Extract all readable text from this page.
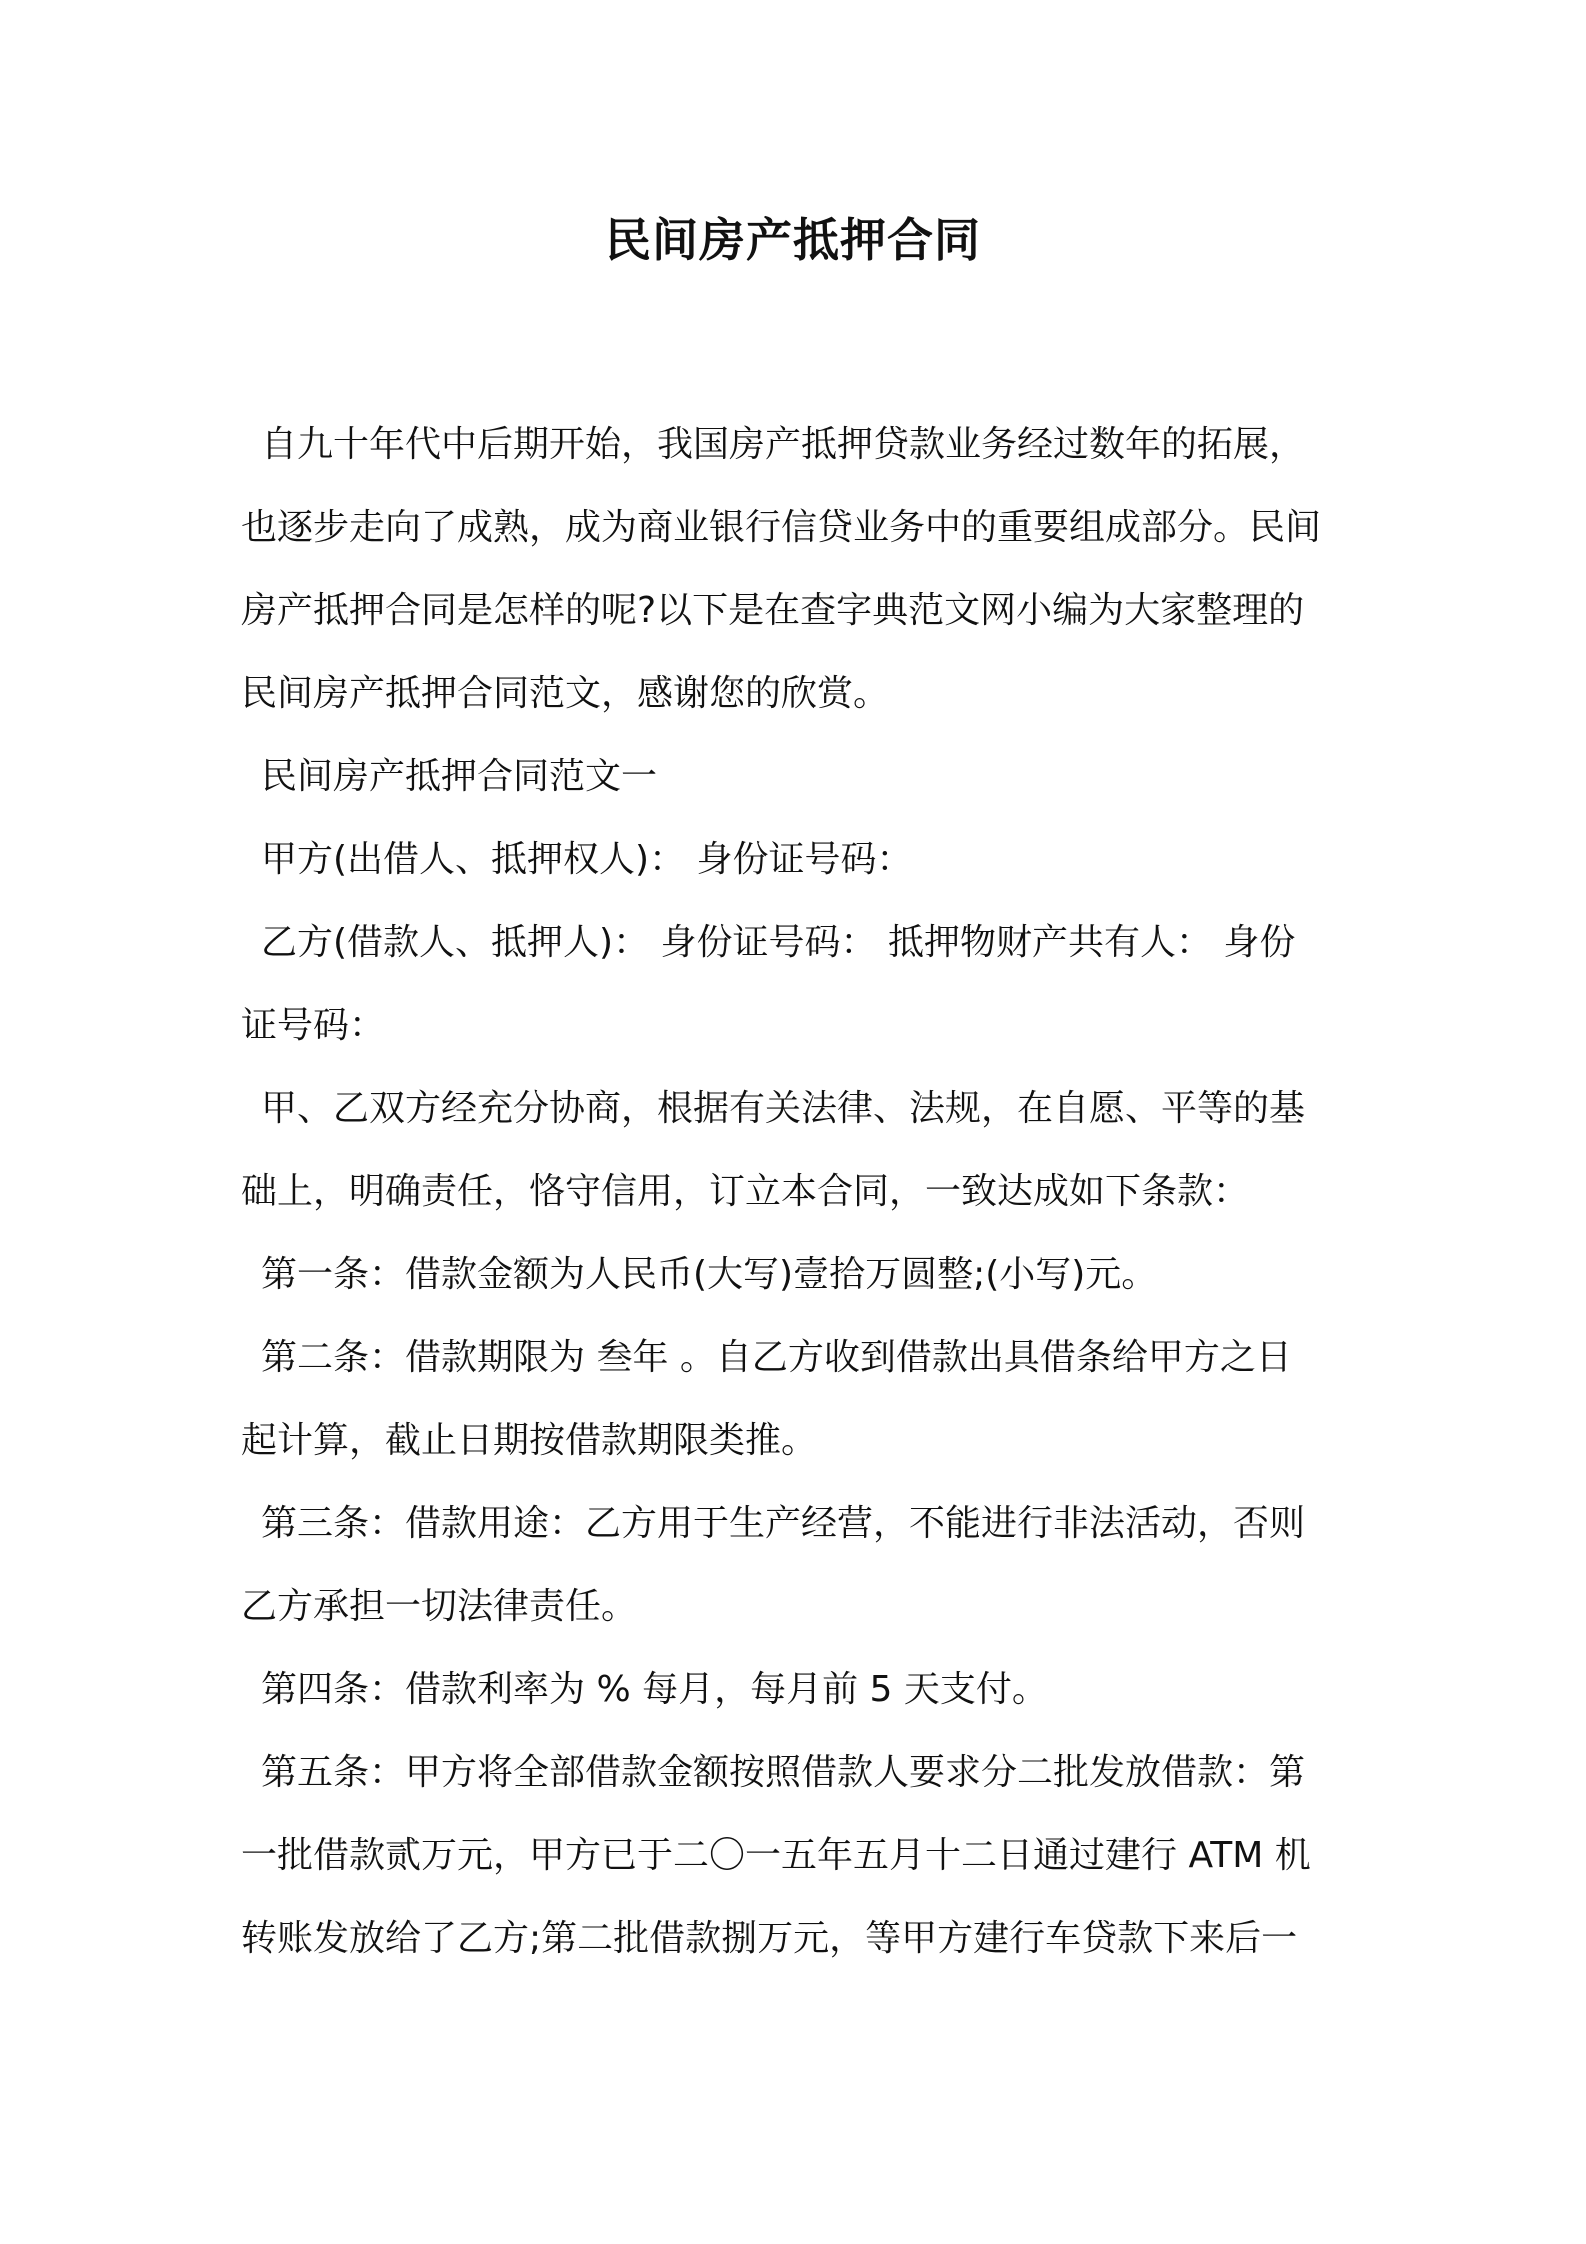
民间房产抵押合同
自九十年代中后期开始，我国房产抵押贷款业务经过数年的拓展，
也逐步走向了成熟，成为商业银行信贷业务中的重要组成部分。民间
房产抵押合同是怎样的呢?以下是在查字典范文网小编为大家整理的
民间房产抵押合同范文，感谢您的欣赏。
民间房产抵押合同范文一
甲方(出借人、抵押权人)： 身份证号码：
乙方(借款人、抵押人)： 身份证号码： 抵押物财产共有人： 身份
证号码：
甲、乙双方经充分协商，根据有关法律、法规，在自愿、平等的基
础上，明确责任，恪守信用，订立本合同，一致达成如下条款：
第一条：借款金额为人民币(大写)壹拾万圆整;(小写)元。
第二条：借款期限为 叁年 。自乙方收到借款出具借条给甲方之日
起计算，截止日期按借款期限类推。
第三条：借款用途：乙方用于生产经营，不能进行非法活动，否则
乙方承担一切法律责任。
第四条：借款利率为 % 每月，每月前 5 天支付。
第五条：甲方将全部借款金额按照借款人要求分二批发放借款：第
一批借款贰万元，甲方已于二〇一五年五月十二日通过建行 ATM 机
转账发放给了乙方;第二批借款捌万元，等甲方建行车贷款下来后一
